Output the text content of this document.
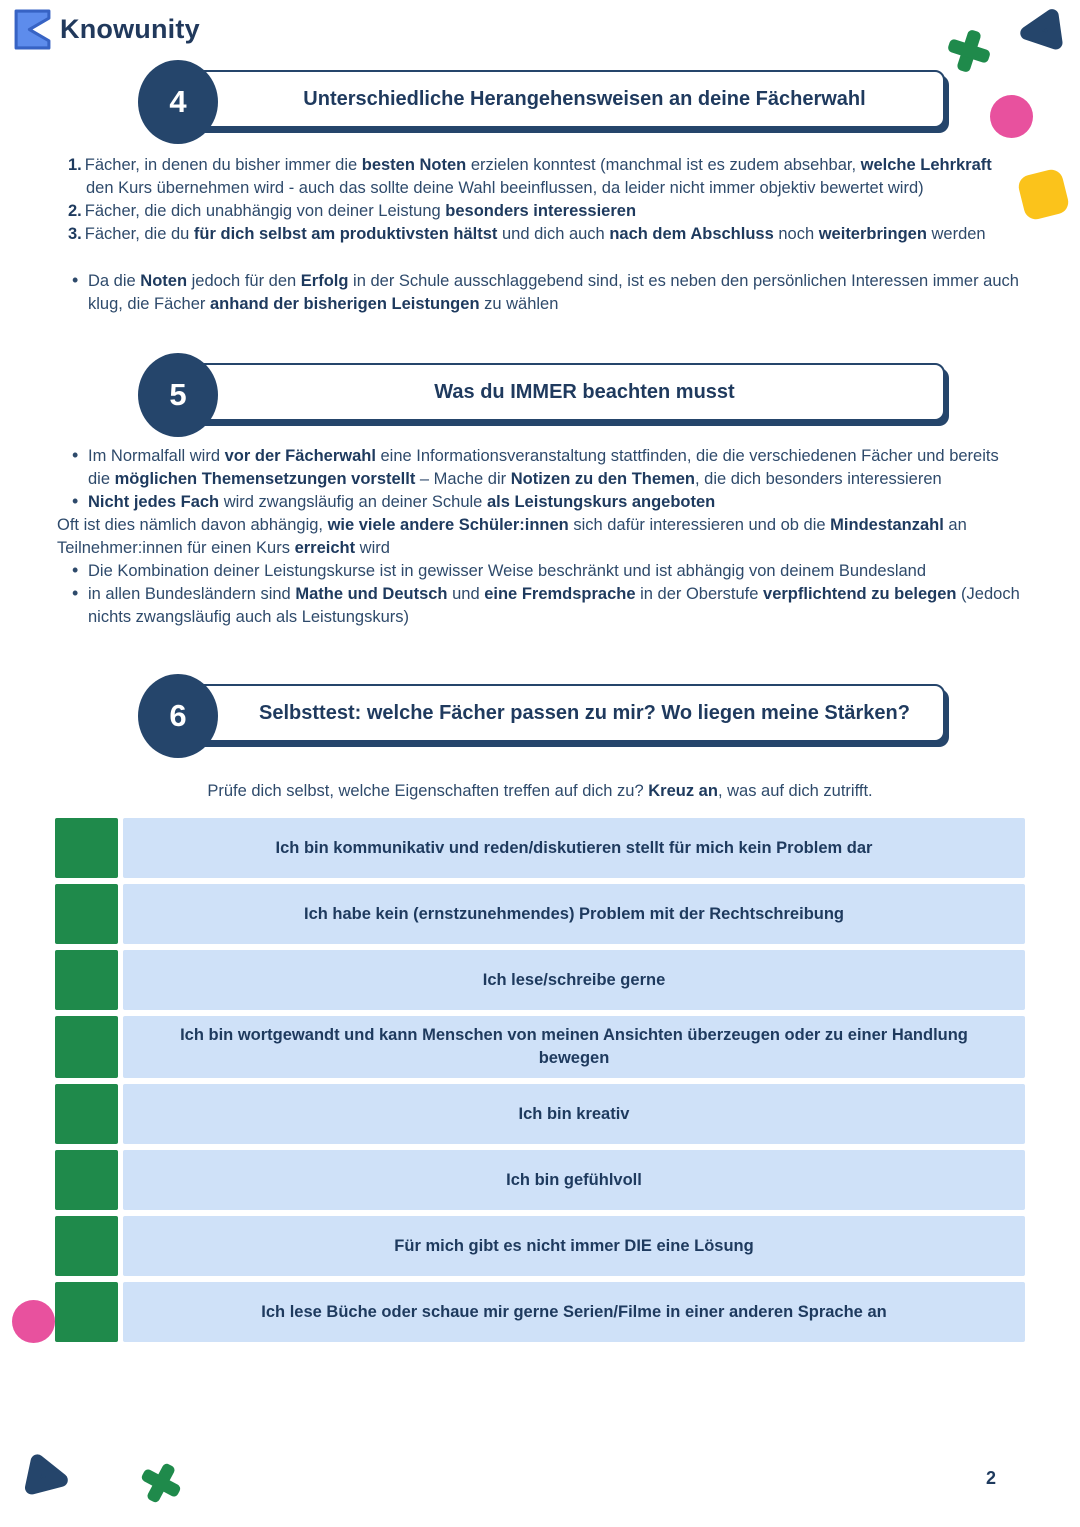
Knowunity
Unterschiedliche Herangehensweisen an deine Fächerwahl
4
1. Fächer, in denen du bisher immer die besten Noten erzielen konntest (manchmal ist es zudem absehbar, welche Lehrkraft den Kurs übernehmen wird - auch das sollte deine Wahl beeinflussen, da leider nicht immer objektiv bewertet wird)
2. Fächer, die dich unabhängig von deiner Leistung besonders interessieren
3. Fächer, die du für dich selbst am produktivsten hältst und dich auch nach dem Abschluss noch weiterbringen werden
• Da die Noten jedoch für den Erfolg in der Schule ausschlaggebend sind, ist es neben den persönlichen Interessen immer auch klug, die Fächer anhand der bisherigen Leistungen zu wählen
Was du IMMER beachten musst
5
• Im Normalfall wird vor der Fächerwahl eine Informationsveranstaltung stattfinden, die die verschiedenen Fächer und bereits die möglichen Themensetzungen vorstellt – Mache dir Notizen zu den Themen, die dich besonders interessieren
• Nicht jedes Fach wird zwangsläufig an deiner Schule als Leistungskurs angeboten
Oft ist dies nämlich davon abhängig, wie viele andere Schüler:innen sich dafür interessieren und ob die Mindestanzahl an Teilnehmer:innen für einen Kurs erreicht wird
• Die Kombination deiner Leistungskurse ist in gewisser Weise beschränkt und ist abhängig von deinem Bundesland
• in allen Bundesländern sind Mathe und Deutsch und eine Fremdsprache in der Oberstufe verpflichtend zu belegen (Jedoch nichts zwangsläufig auch als Leistungskurs)
Selbsttest: welche Fächer passen zu mir? Wo liegen meine Stärken?
6
Prüfe dich selbst, welche Eigenschaften treffen auf dich zu? Kreuz an, was auf dich zutrifft.
Ich bin kommunikativ und reden/diskutieren stellt für mich kein Problem dar
Ich habe kein (ernstzunehmendes) Problem mit der Rechtschreibung
Ich lese/schreibe gerne
Ich bin wortgewandt und kann Menschen von meinen Ansichten überzeugen oder zu einer Handlung bewegen
Ich bin kreativ
Ich bin gefühlvoll
Für mich gibt es nicht immer DIE eine Lösung
Ich lese Büche oder schaue mir gerne Serien/Filme in einer anderen Sprache an
2
